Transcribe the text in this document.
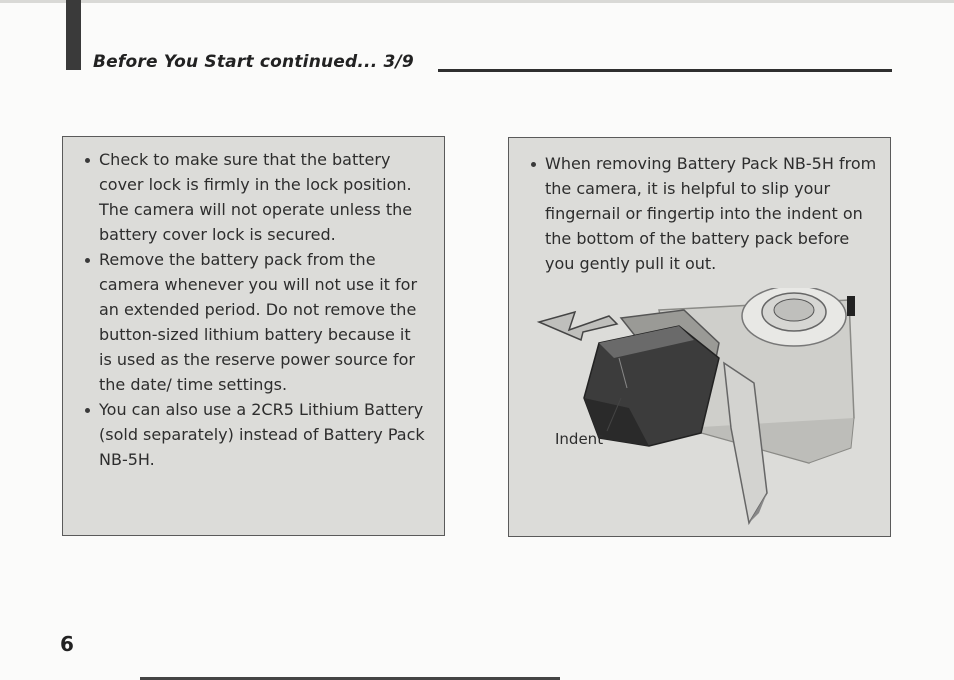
Before You Start continued... 3/9
Check to make sure that the battery cover lock is firmly in the lock position. The camera will not operate unless the battery cover lock is secured.
Remove the battery pack from the camera whenever you will not use it for an extended period. Do not remove the button-sized lithium battery because it is used as the reserve power source for the date/ time settings.
You can also use a 2CR5 Lithium Battery (sold separately) instead of Battery Pack NB-5H.
When removing Battery Pack NB-5H from the camera, it is helpful to slip your fingernail or fingertip into the indent on the bottom of the battery pack before you gently pull it out.
Indent
6
